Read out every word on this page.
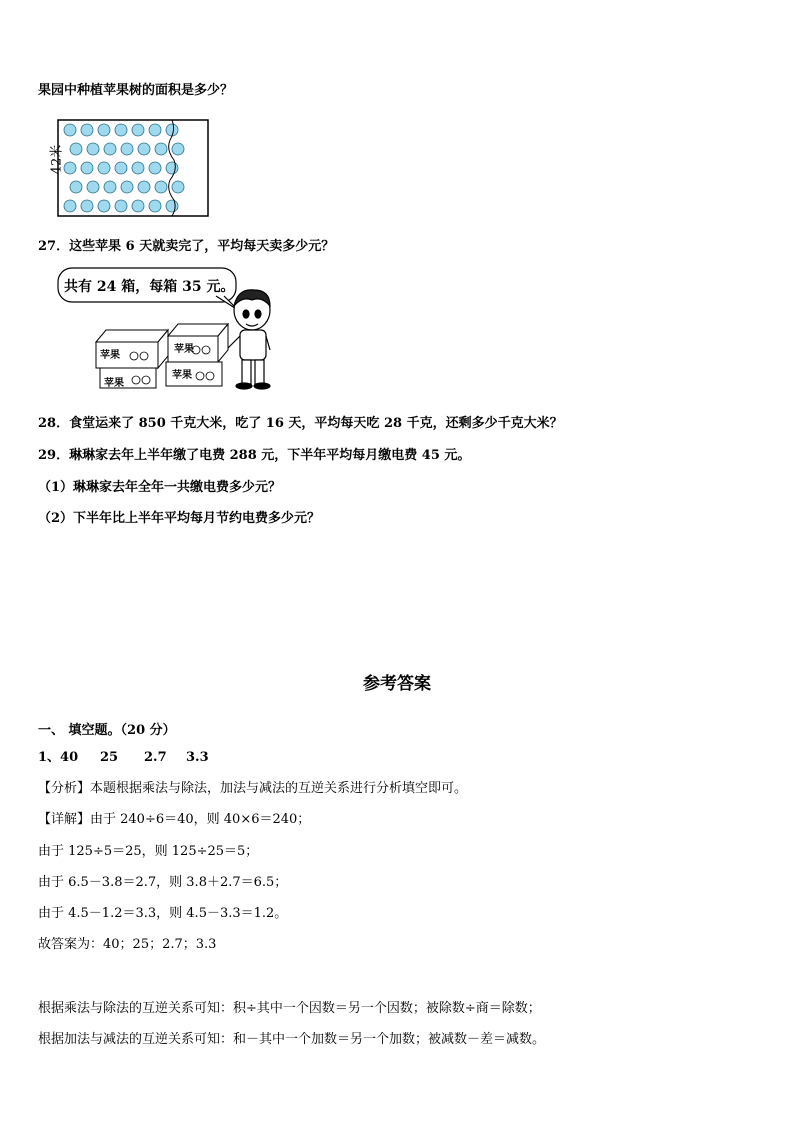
果园中种植苹果树的面积是多少？
42米
27．这些苹果 6 天就卖完了，平均每天卖多少元？
共有 24 箱，每箱 35 元。
苹果
苹果
苹果
苹果
28．食堂运来了 850 千克大米，吃了 16 天，平均每天吃 28 千克，还剩多少千克大米？
29．琳琳家去年上半年缴了电费 288 元，下半年平均每月缴电费 45 元。
（1）琳琳家去年全年一共缴电费多少元？
（2）下半年比上半年平均每月节约电费多少元？
参考答案
一、 填空题。（20 分）
1、40 25 2.7 3.3
【分析】本题根据乘法与除法，加法与减法的互逆关系进行分析填空即可。
【详解】由于 240÷6＝40，则 40×6＝240；
由于 125÷5＝25，则 125÷25＝5；
由于 6.5－3.8＝2.7，则 3.8＋2.7＝6.5；
由于 4.5－1.2＝3.3，则 4.5－3.3＝1.2。
故答案为：40；25；2.7；3.3
根据乘法与除法的互逆关系可知：积÷其中一个因数＝另一个因数；被除数÷商＝除数；
根据加法与减法的互逆关系可知：和－其中一个加数＝另一个加数；被减数－差＝减数。
